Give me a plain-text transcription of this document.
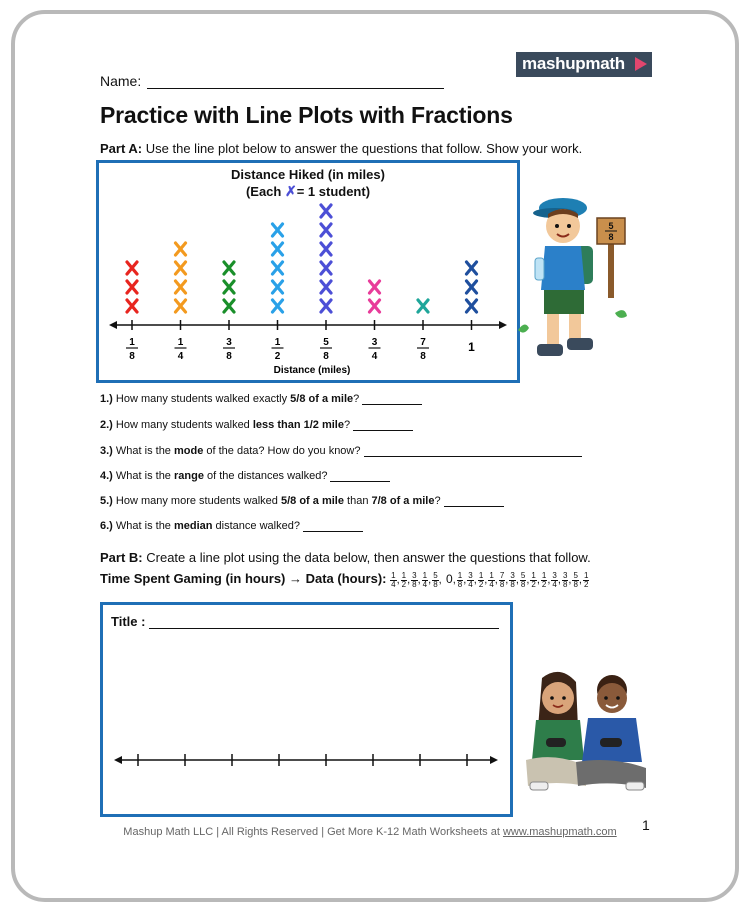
Name:
mashupmath
Practice with Line Plots with Fractions
Part A: Use the line plot below to answer the questions that follow. Show your work.
Distance Hiked (in miles)
(Each ✗= 1 student)
1
8
1
4
3
8
1
2
5
8
3
4
7
8
1
Distance (miles)
5
8
1.) How many students walked exactly 5/8 of a mile?
2.) How many students walked less than 1/2 mile?
3.) What is the mode of the data? How do you know?
4.) What is the range of the distances walked?
5.) How many more students walked 5/8 of a mile than 7/8 of a mile?
6.) What is the median distance walked?
Part B: Create a line plot using the data below, then answer the questions that follow.
Time Spent Gaming (in hours) → Data (hours): $\frac{1}{4}$ , $\frac{1}{2}$ , $\frac{3}{8}$ , $\frac{1}{4}$ , $\frac{5}{8}$ , 0, $\frac{1}{8}$ , $\frac{3}{4}$ , $\frac{1}{2}$ , $\frac{1}{4}$ , $\frac{7}{8}$ , $\frac{3}{8}$ , $\frac{5}{8}$ , $\frac{1}{2}$ , $\frac{1}{2}$ , $\frac{3}{4}$ , $\frac{3}{8}$ , $\frac{5}{8}$ , $\frac{1}{2}$
Title :
Mashup Math LLC | All Rights Reserved | Get More K-12 Math Worksheets at www.mashupmath.com	1
